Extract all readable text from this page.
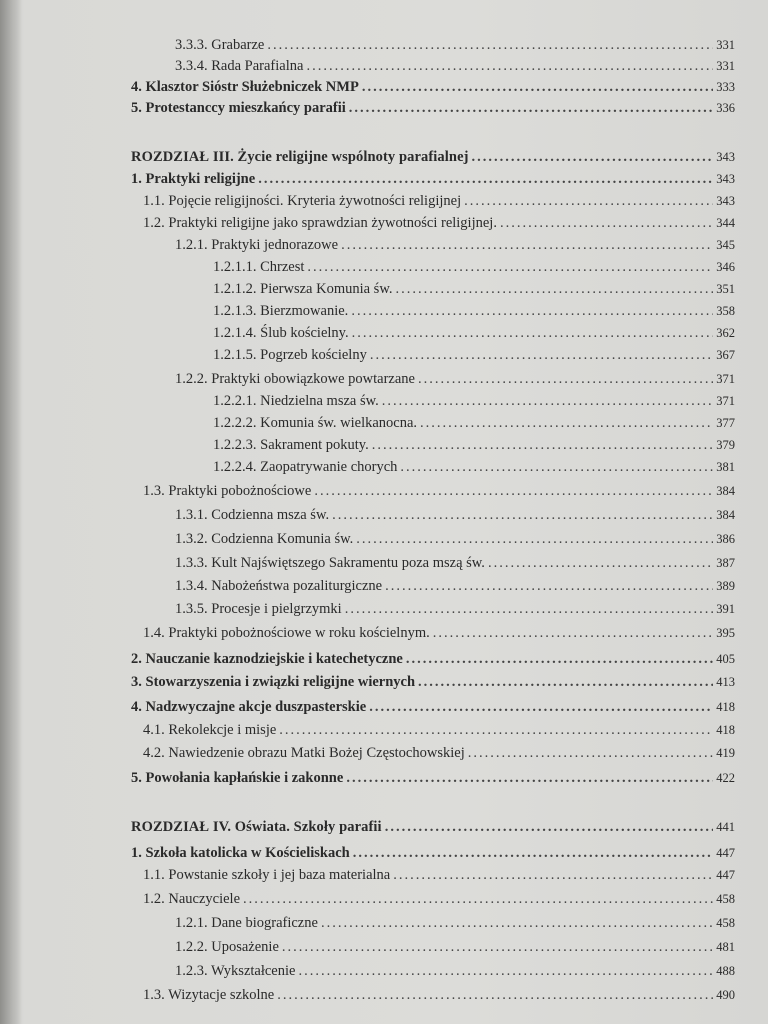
3.3.3. Grabarze .....	331
3.3.4. Rada Parafialna .....	331
4. Klasztor Sióstr Służebniczek NMP .....	333
5. Protestanccy mieszkańcy parafii .....	336
ROZDZIAŁ III. Życie religijne wspólnoty parafialnej .....	343
1. Praktyki religijne .....	343
1.1. Pojęcie religijności. Kryteria żywotności religijnej .....	343
1.2. Praktyki religijne jako sprawdzian żywotności religijnej. .....	344
1.2.1. Praktyki jednorazowe .....	345
1.2.1.1. Chrzest .....	346
1.2.1.2. Pierwsza Komunia św. .....	351
1.2.1.3. Bierzmowanie. .....	358
1.2.1.4. Ślub kościelny. .....	362
1.2.1.5. Pogrzeb kościelny .....	367
1.2.2. Praktyki obowiązkowe powtarzane .....	371
1.2.2.1. Niedzielna msza św. .....	371
1.2.2.2. Komunia św. wielkanocna. .....	377
1.2.2.3. Sakrament pokuty. .....	379
1.2.2.4. Zaopatrywanie chorych .....	381
1.3. Praktyki pobożnościowe .....	384
1.3.1. Codzienna msza św. .....	384
1.3.2. Codzienna Komunia św. .....	386
1.3.3. Kult Najświętszego Sakramentu poza mszą św. .....	387
1.3.4. Nabożeństwa pozaliturgiczne .....	389
1.3.5. Procesje i pielgrzymki .....	391
1.4. Praktyki pobożnościowe w roku kościelnym. .....	395
2. Nauczanie kaznodziejskie i katechetyczne .....	405
3. Stowarzyszenia i związki religijne wiernych .....	413
4. Nadzwyczajne akcje duszpasterskie .....	418
4.1. Rekolekcje i misje .....	418
4.2. Nawiedzenie obrazu Matki Bożej Częstochowskiej .....	419
5. Powołania kapłańskie i zakonne .....	422
ROZDZIAŁ IV. Oświata. Szkoły parafii .....	441
1. Szkoła katolicka w Kościeliskach .....	447
1.1. Powstanie szkoły i jej baza materialna .....	447
1.2. Nauczyciele .....	458
1.2.1. Dane biograficzne .....	458
1.2.2. Uposażenie .....	481
1.2.3. Wykształcenie .....	488
1.3. Wizytacje szkolne .....	490
